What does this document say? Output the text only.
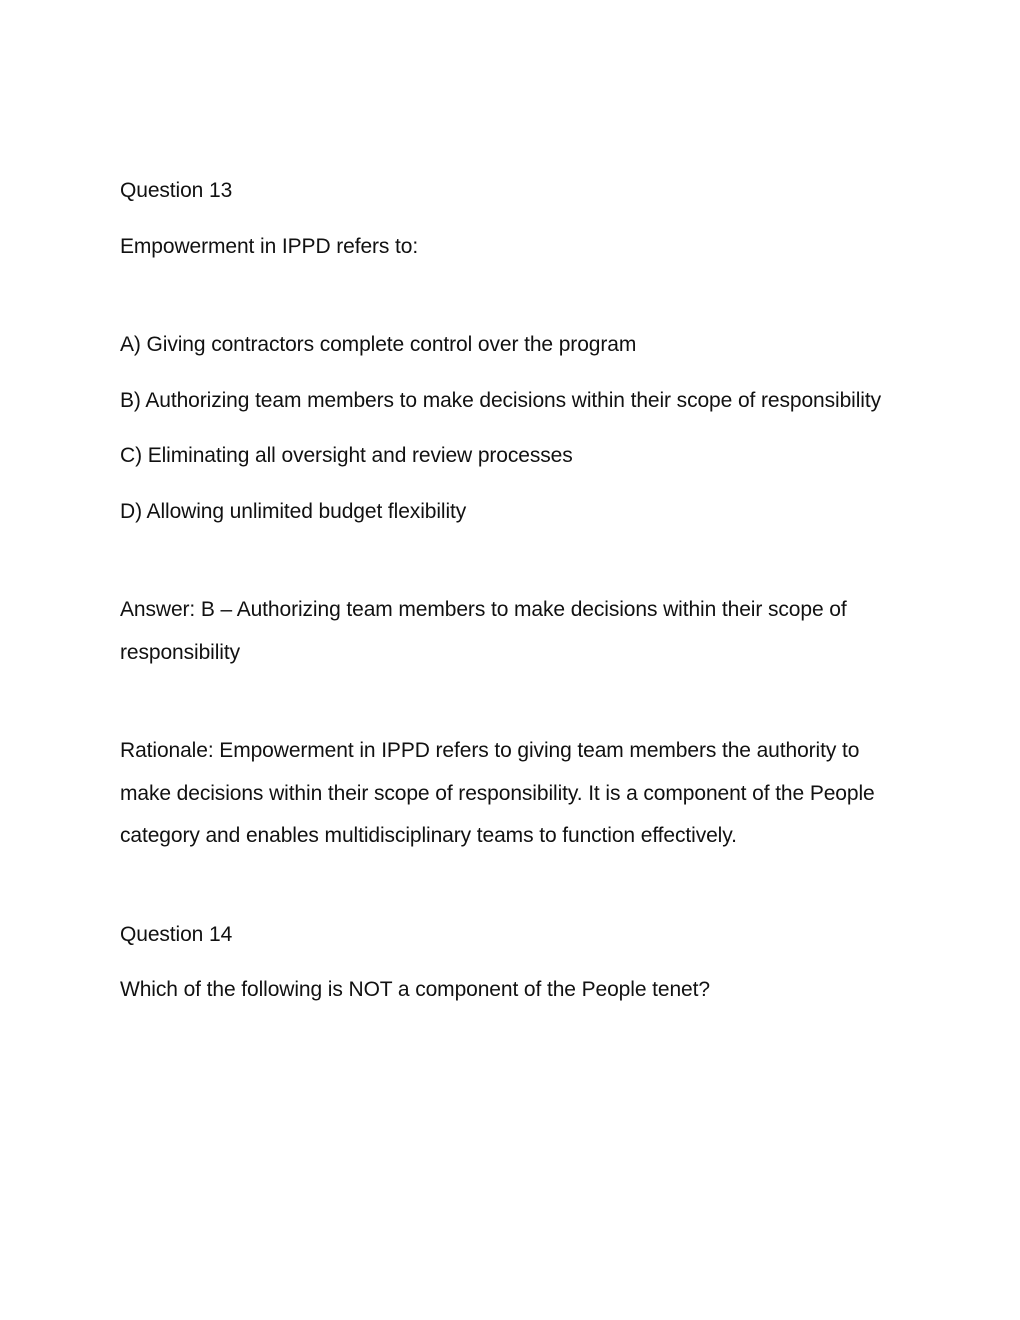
Question 13

Empowerment in IPPD refers to:

A) Giving contractors complete control over the program

B) Authorizing team members to make decisions within their scope of responsibility

C) Eliminating all oversight and review processes

D) Allowing unlimited budget flexibility

Answer: B – Authorizing team members to make decisions within their scope of responsibility

Rationale: Empowerment in IPPD refers to giving team members the authority to make decisions within their scope of responsibility. It is a component of the People category and enables multidisciplinary teams to function effectively.

Question 14

Which of the following is NOT a component of the People tenet?
